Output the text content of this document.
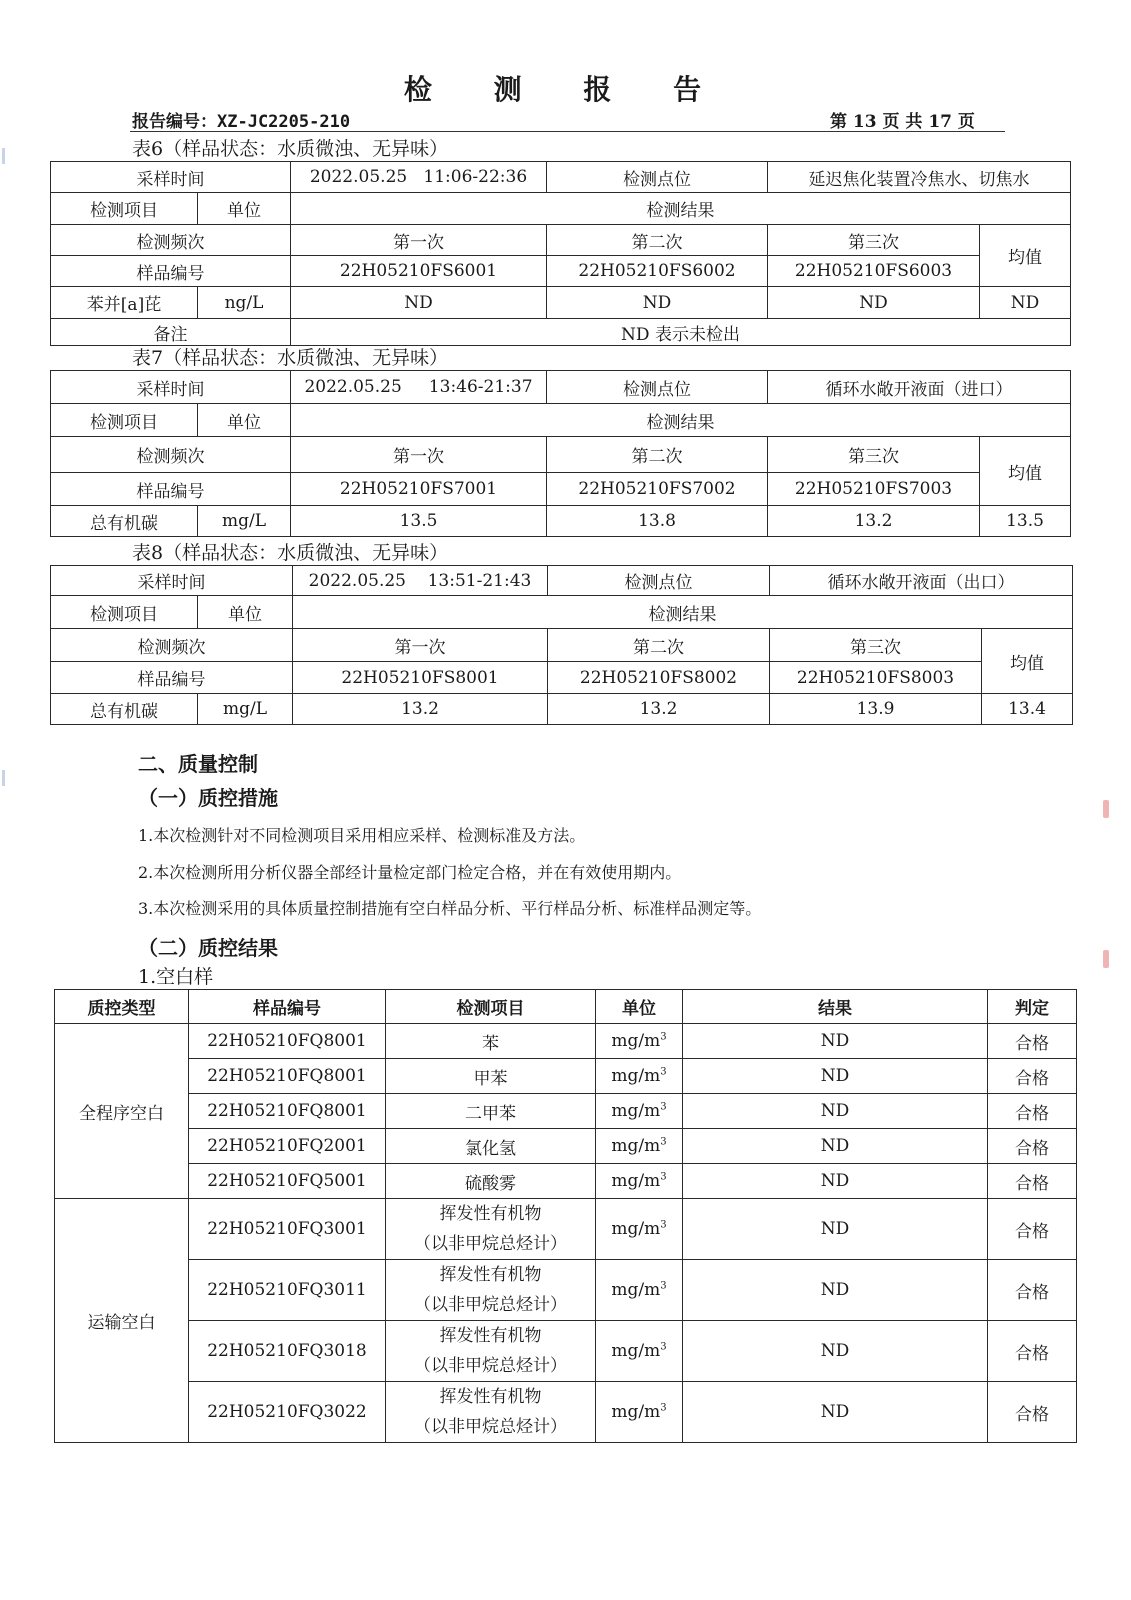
检 测 报 告
报告编号：XZ-JC2205-210	第 13 页 共 17 页
表6（样品状态：水质微浊、无异味）
采样时间	2022.05.25   11:06-22:36	检测点位	延迟焦化装置冷焦水、切焦水	

检测项目 单位	检测结果			
检测频次	第一次	第二次	第三次	均值
样品编号	22H05210FS6001	22H05210FS6002	22H05210FS6003	

苯并[a]芘 ng/L	ND	ND	ND	ND
备注	ND 表示未检出			
表7（样品状态：水质微浊、无异味）
采样时间	2022.05.25     13:46-21:37	检测点位	循环水敞开液面（进口）	

检测项目 单位	检测结果			
检测频次	第一次	第二次	第三次	均值
样品编号	22H05210FS7001	22H05210FS7002	22H05210FS7003	

总有机碳 mg/L	13.5	13.8	13.2	13.5
表8（样品状态：水质微浊、无异味）
采样时间	2022.05.25    13:51-21:43	检测点位	循环水敞开液面（出口）	

检测项目 单位	检测结果			
检测频次	第一次	第二次	第三次	均值
样品编号	22H05210FS8001	22H05210FS8002	22H05210FS8003	

总有机碳 mg/L	13.2	13.2	13.9	13.4
二、质量控制
（一）质控措施
1.本次检测针对不同检测项目采用相应采样、检测标准及方法。
2.本次检测所用分析仪器全部经计量检定部门检定合格，并在有效使用期内。
3.本次检测采用的具体质量控制措施有空白样品分析、平行样品分析、标准样品测定等。
（二）质控结果
1.空白样
质控类型	样品编号	检测项目	单位	结果	判定
全程序空白	22H05210FQ8001	苯	$mg/m^3$	ND	合格
	22H05210FQ8001	甲苯	$mg/m^3$	ND	合格
	22H05210FQ8001	二甲苯	$mg/m^3$	ND	合格
	22H05210FQ2001	氯化氢	$mg/m^3$	ND	合格
	22H05210FQ5001	硫酸雾	$mg/m^3$	ND	合格
运输空白	22H05210FQ3001	挥发性有机物
（以非甲烷总烃计）	$mg/m^3$	ND	合格
	22H05210FQ3011	挥发性有机物
（以非甲烷总烃计）	$mg/m^3$	ND	合格
	22H05210FQ3018	挥发性有机物
（以非甲烷总烃计）	$mg/m^3$	ND	合格
	22H05210FQ3022	挥发性有机物
（以非甲烷总烃计）	$mg/m^3$	ND	合格
